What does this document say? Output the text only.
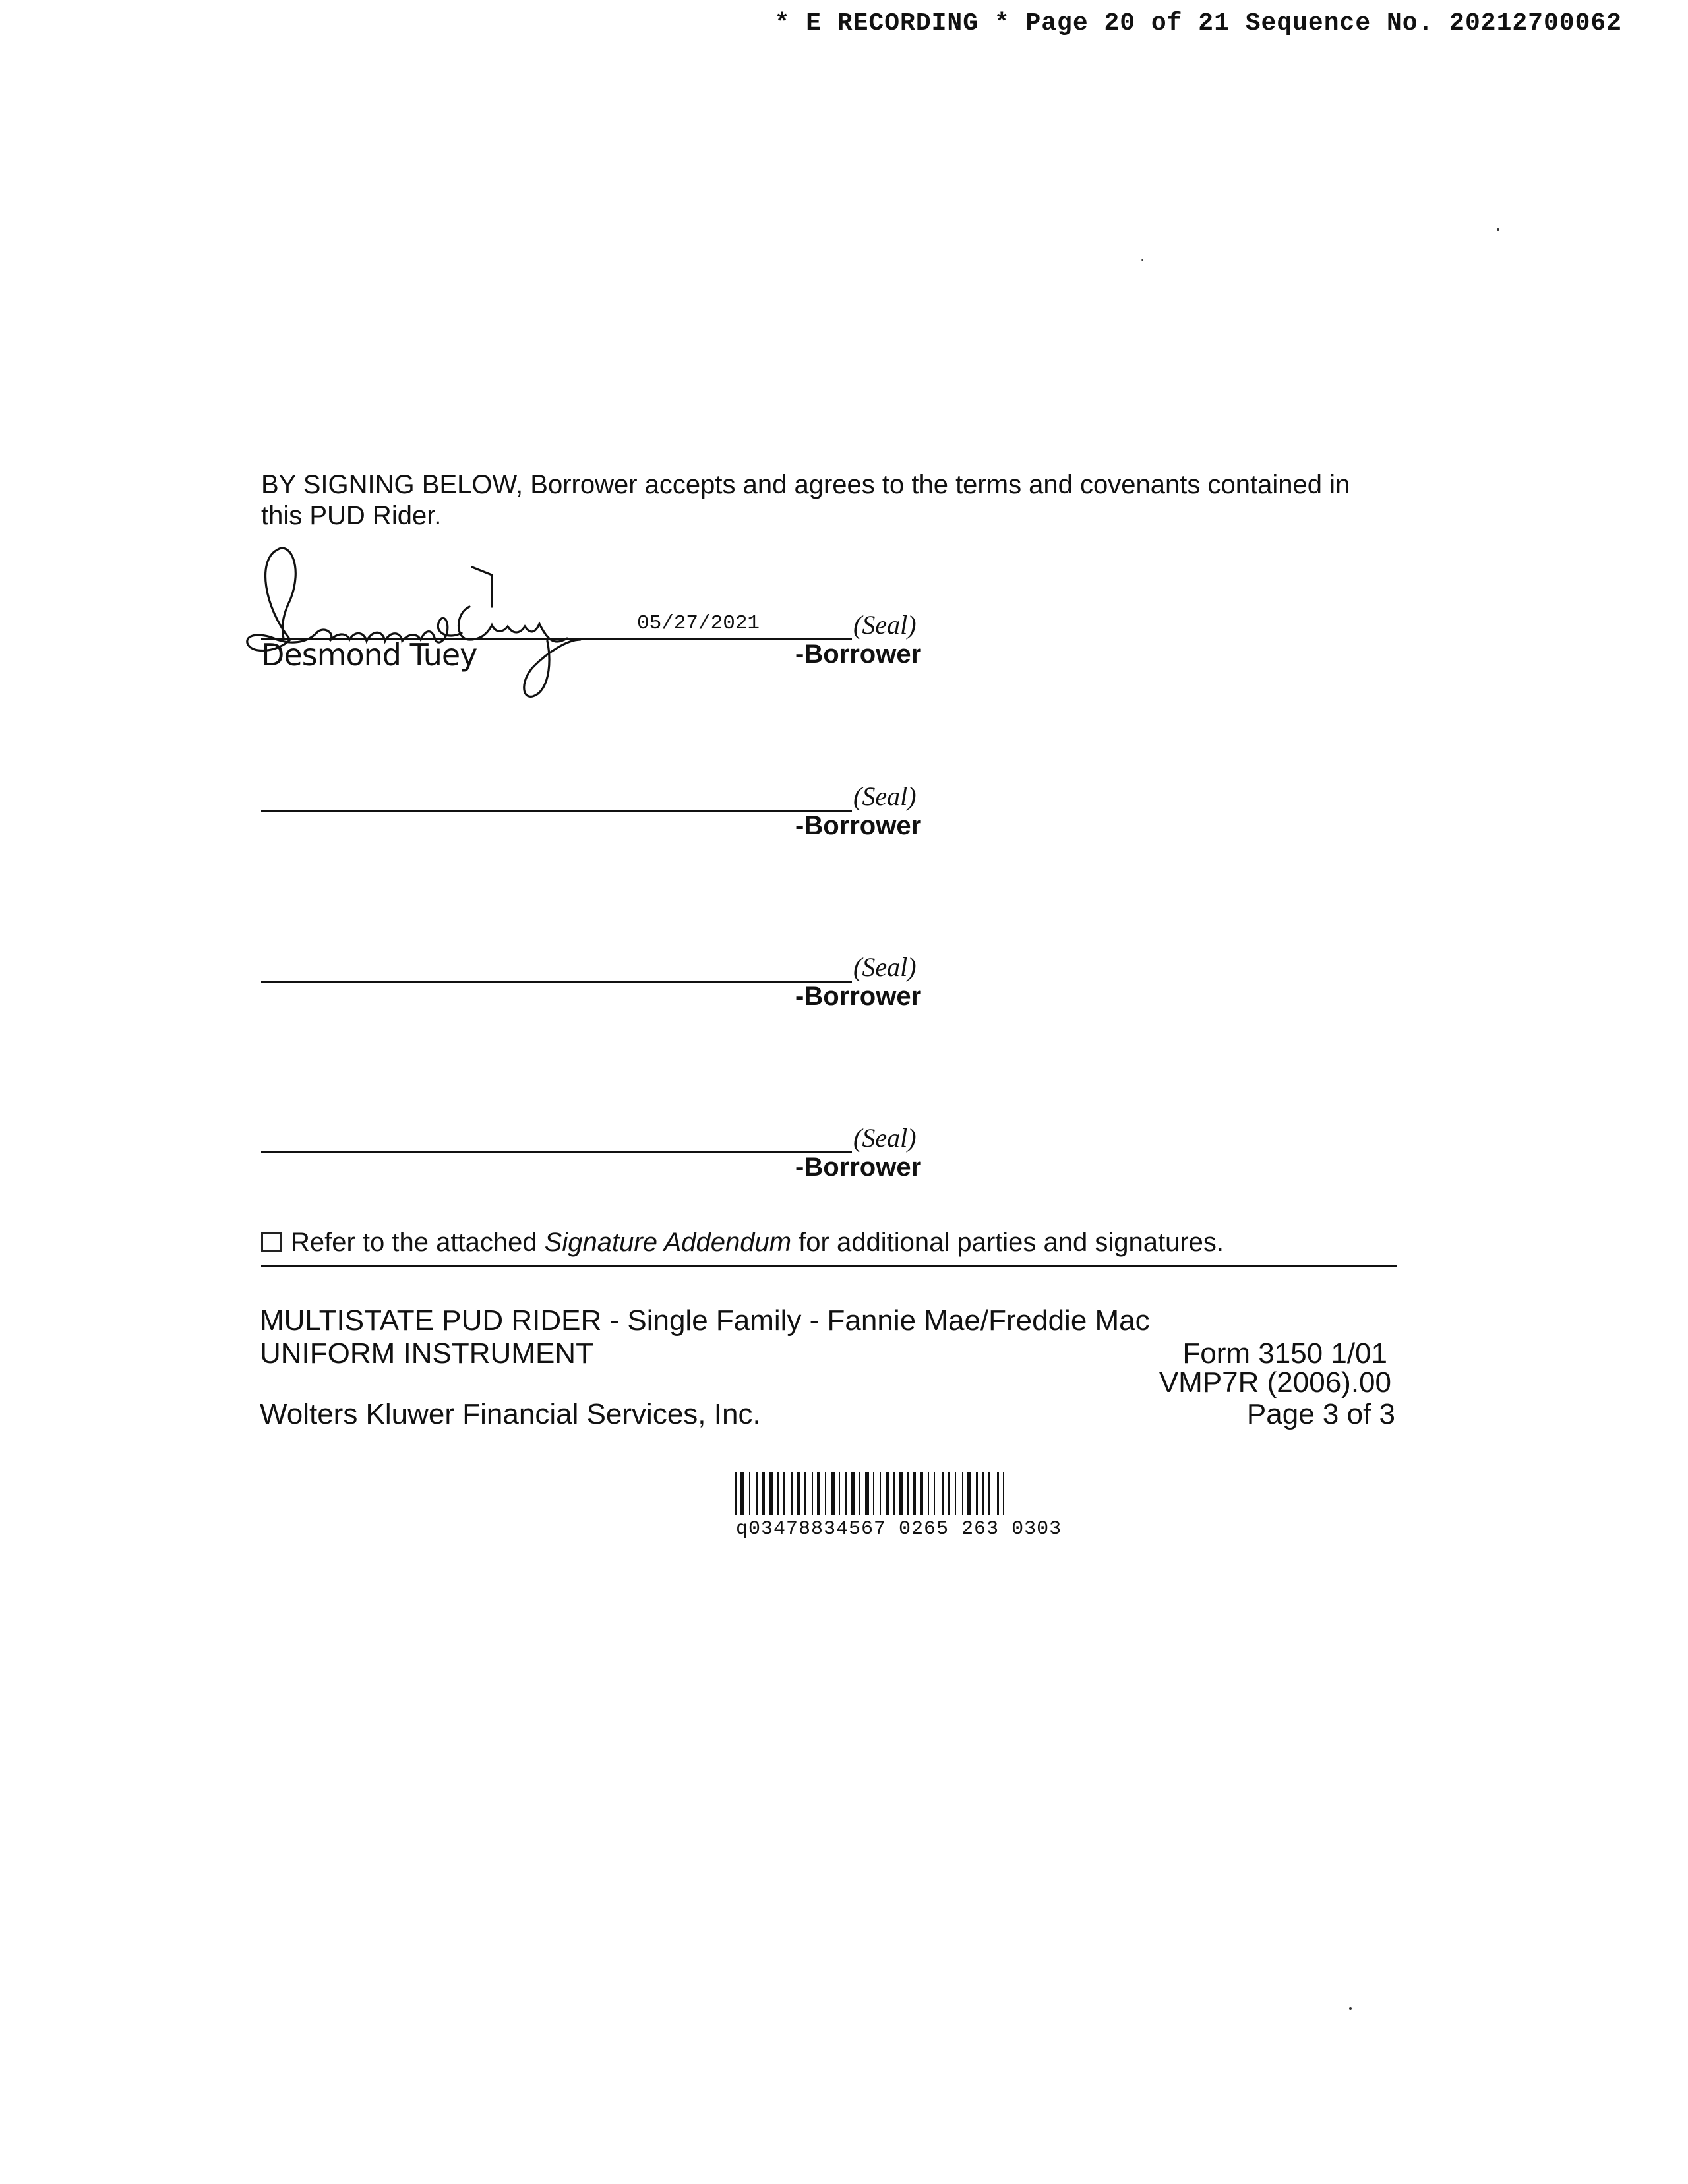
* E RECORDING * Page 20 of 21 Sequence No. 20212700062
BY SIGNING BELOW, Borrower accepts and agrees to the terms and covenants contained in this PUD Rider.
05/27/2021
Desmond Tuey
(Seal)
-Borrower
(Seal)
-Borrower
(Seal)
-Borrower
(Seal)
-Borrower
Refer to the attached Signature Addendum for additional parties and signatures.
MULTISTATE PUD RIDER - Single Family - Fannie Mae/Freddie Mac
UNIFORM INSTRUMENT	Form 3150 1/01
VMP7R (2006).00
Wolters Kluwer Financial Services, Inc.	Page 3 of 3
q03478834567 0265 263 0303
